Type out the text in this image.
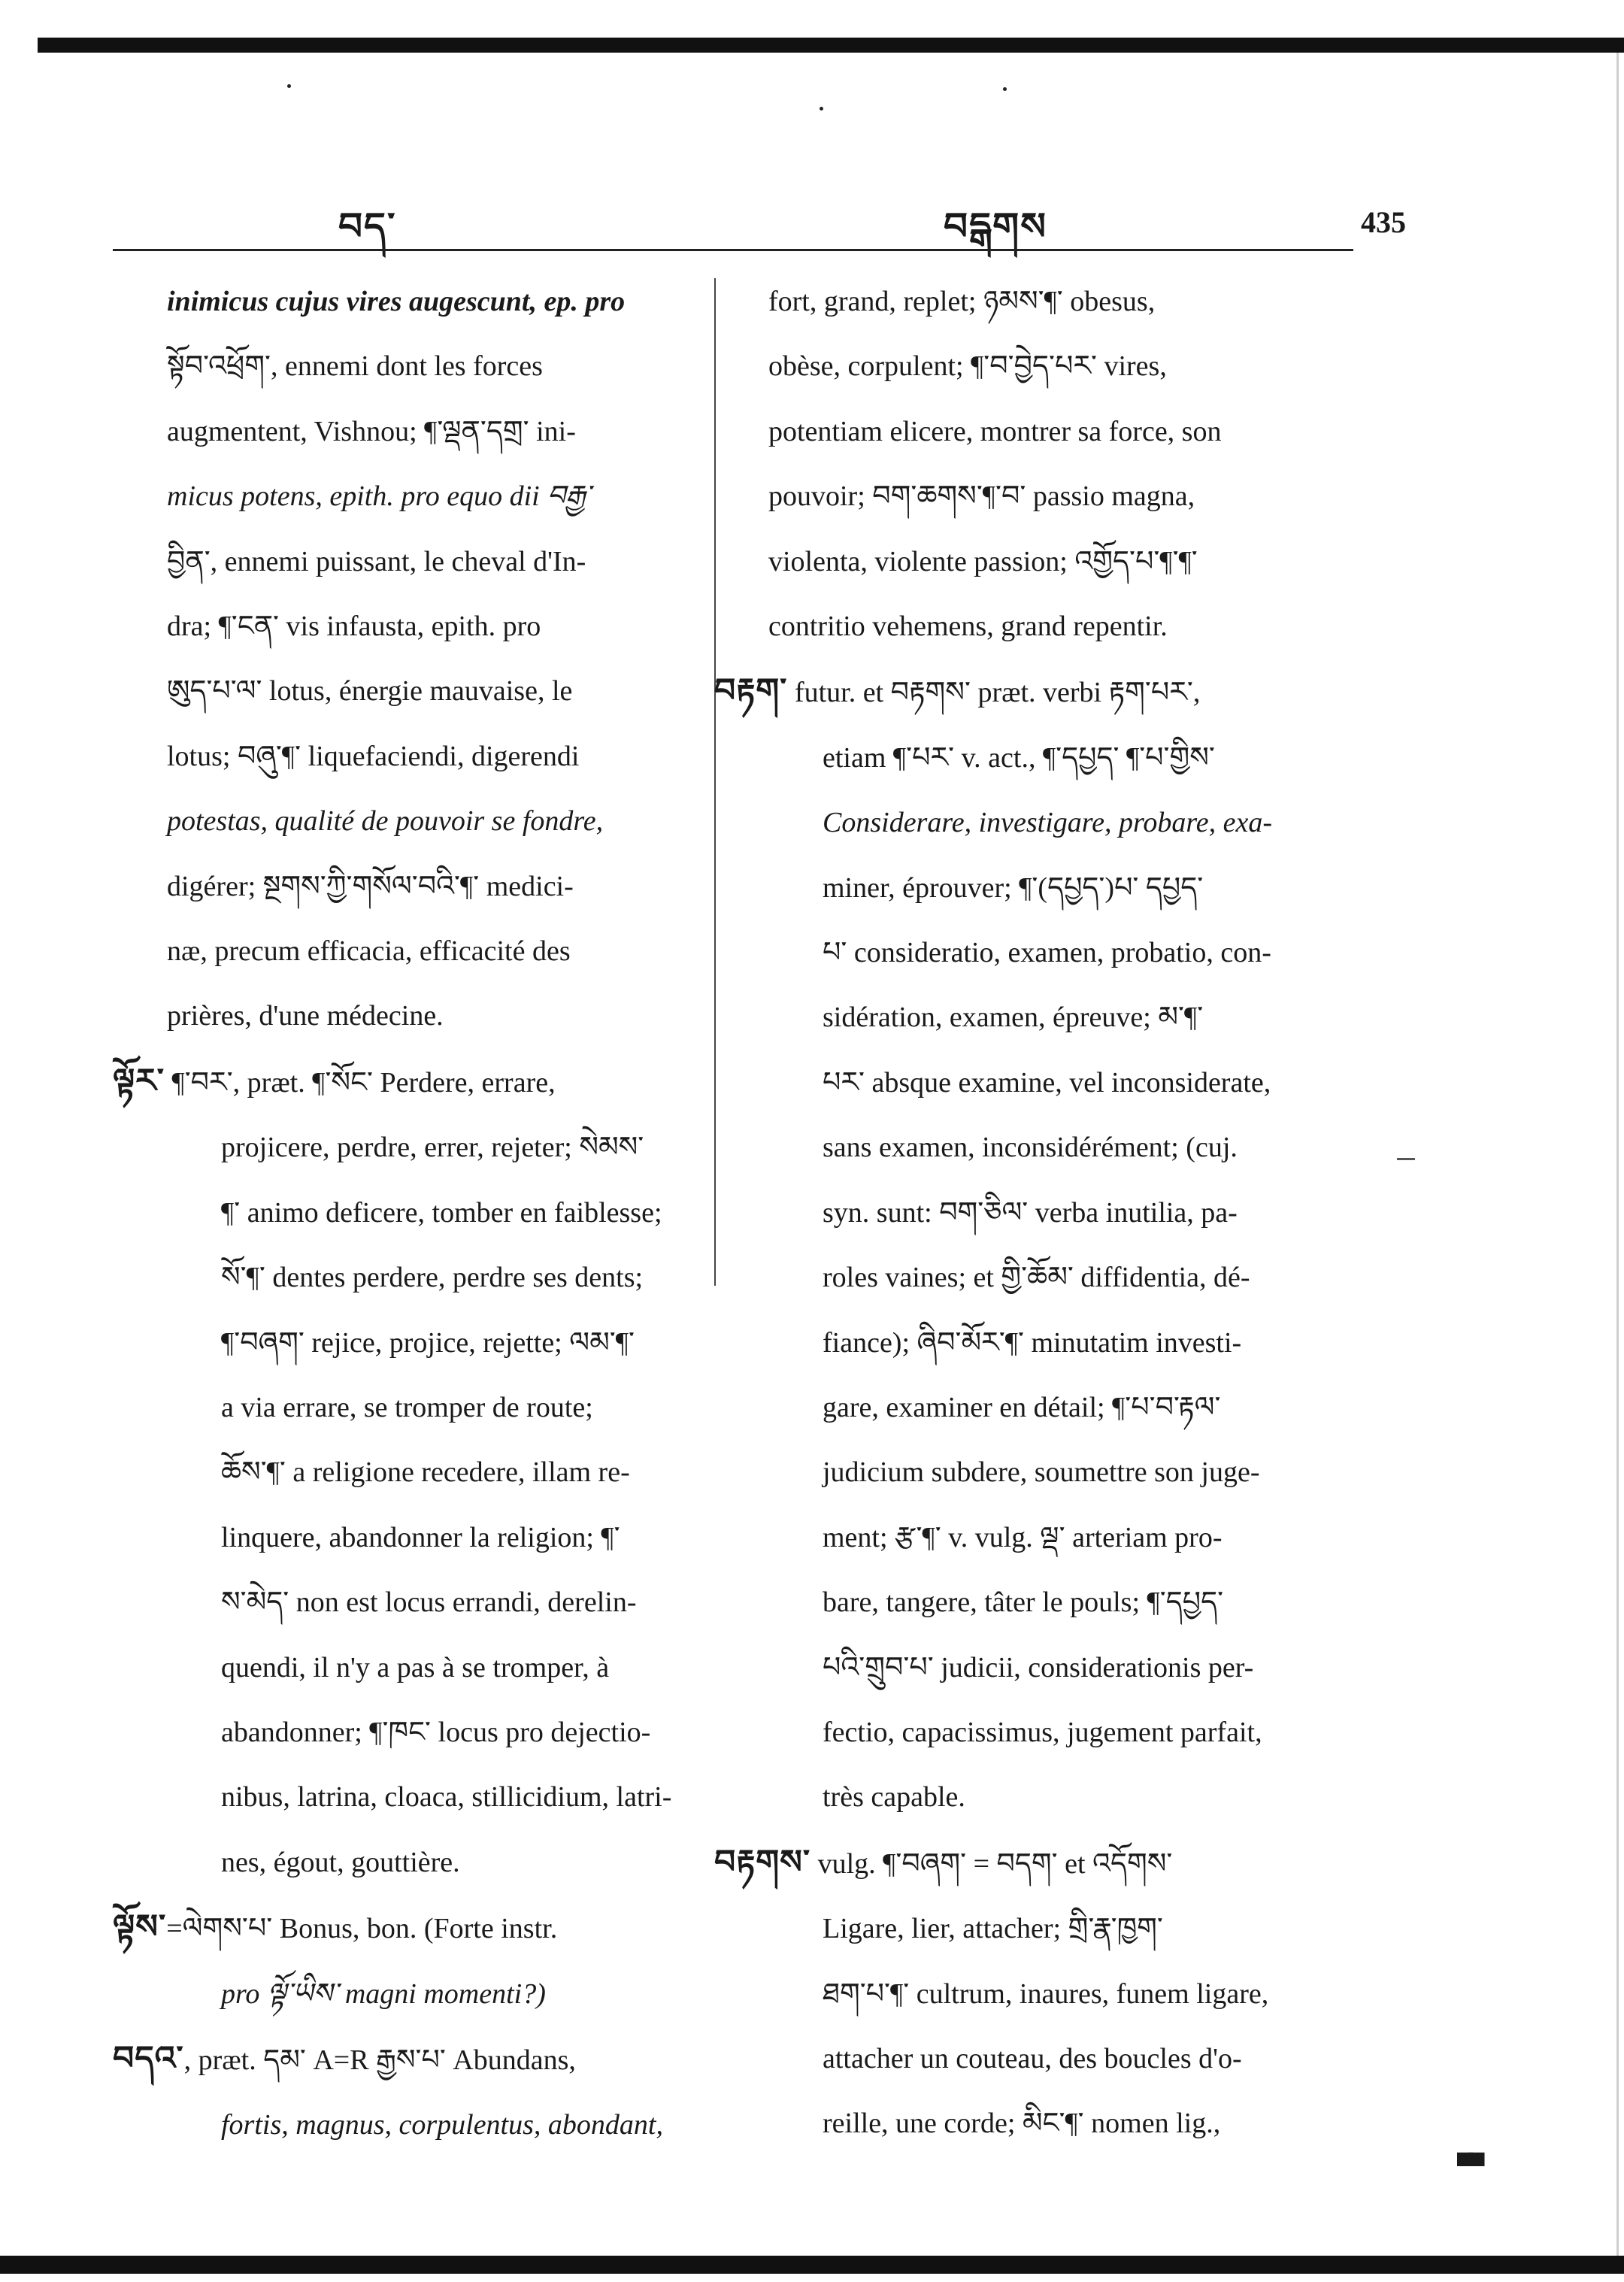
བད་	བདྒགས	435
inimicus cujus vires augescunt, ep. pro
སྟོབ་འཕྲོག་, ennemi dont les forces
augmentent, Vishnou; ¶་ལྡན་དགྲ་ ini-
micus potens, epith. pro equo dii བརྒྱ་
བྱིན་, ennemi puissant, le cheval d'In-
dra; ¶་ངན་ vis infausta, epith. pro
ཨུད་པ་ལ་ lotus, énergie mauvaise, le
lotus; བཞུ་¶་ liquefaciendi, digerendi
potestas, qualité de pouvoir se fondre,
digérer; སྔགས་ཀྱི་གསོལ་བའི་¶་ medici-
næ, precum efficacia, efficacité des
prières, d'une médecine.
ལྟོར་ ¶་བར་, præt. ¶་སོང་ Perdere, errare,
projicere, perdre, errer, rejeter; སེམས་
¶་ animo deficere, tomber en faiblesse;
སོ་¶་ dentes perdere, perdre ses dents;
¶་བཞག་ rejice, projice, rejette; ལམ་¶་
a via errare, se tromper de route;
ཆོས་¶་ a religione recedere, illam re-
linquere, abandonner la religion; ¶་
ས་མེད་ non est locus errandi, derelin-
quendi, il n'y a pas à se tromper, à
abandonner; ¶་ཁང་ locus pro dejectio-
nibus, latrina, cloaca, stillicidium, latri-
nes, égout, gouttière.
ལྟོས་=ལེགས་པ་ Bonus, bon. (Forte instr.
pro ལྟོ་ཡིས་ magni momenti?)
བདའ་, præt. དམ་ A=R རྒྱས་པ་ Abundans,
fortis, magnus, corpulentus, abondant,
fort, grand, replet; ཉམས་¶་ obesus,
obèse, corpulent; ¶་བ་བྱེད་པར་ vires,
potentiam elicere, montrer sa force, son
pouvoir; བག་ཆགས་¶་བ་ passio magna,
violenta, violente passion; འགྱོད་པ་¶་¶་
contritio vehemens, grand repentir.
བརྟག་ futur. et བརྟགས་ præt. verbi རྟག་པར་,
etiam ¶་པར་ v. act., ¶་དཔྱད་ ¶་པ་གྱིས་
Considerare, investigare, probare, exa-
miner, éprouver; ¶་(དཔྱད་)པ་ དཔྱད་
པ་ consideratio, examen, probatio, con-
sidération, examen, épreuve; མ་¶་
པར་ absque examine, vel inconsiderate,
sans examen, inconsidérément; (cuj.
syn. sunt: བག་ཅིལ་ verba inutilia, pa-
roles vaines; et གྱི་ཆོམ་ diffidentia, dé-
fiance); ཞིབ་མོར་¶་ minutatim investi-
gare, examiner en détail; ¶་པ་བ་རྟལ་
judicium subdere, soumettre son juge-
ment; རྩ་¶་ v. vulg. ལྡ་ arteriam pro-
bare, tangere, tâter le pouls; ¶་དཔྱད་
པའི་གྲུབ་པ་ judicii, considerationis per-
fectio, capacissimus, jugement parfait,
très capable.
བརྟགས་ vulg. ¶་བཞག་ = བདག་ et འདོགས་
Ligare, lier, attacher; གྲི་རྣ་ཁྱག་
ཐག་པ་¶་ cultrum, inaures, funem ligare,
attacher un couteau, des boucles d'o-
reille, une corde; མིང་¶་ nomen lig.,
▀▀
